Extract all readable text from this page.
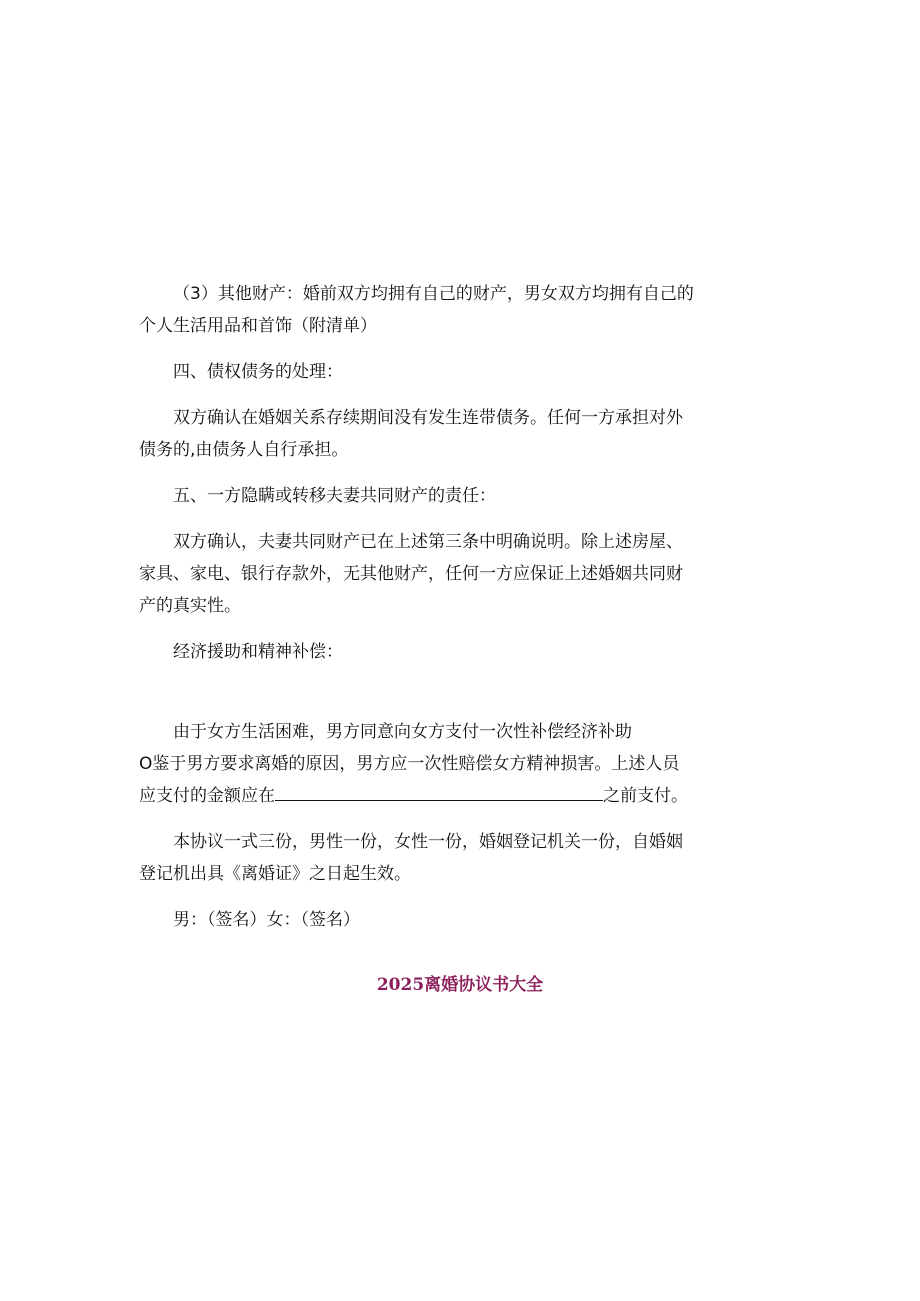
（3）其他财产：婚前双方均拥有自己的财产，男女双方均拥有自己的个人生活用品和首饰（附清单）

四、债权债务的处理：

双方确认在婚姻关系存续期间没有发生连带债务。任何一方承担对外债务的,由债务人自行承担。

五、一方隐瞒或转移夫妻共同财产的责任：

双方确认，夫妻共同财产已在上述第三条中明确说明。除上述房屋、家具、家电、银行存款外，无其他财产，任何一方应保证上述婚姻共同财产的真实性。

经济援助和精神补偿：

由于女方生活困难，男方同意向女方支付一次性补偿经济补助
O鉴于男方要求离婚的原因，男方应一次性赔偿女方精神损害。上述人员
应支付的金额应在	之前支付。

本协议一式三份，男性一份，女性一份，婚姻登记机关一份，自婚姻登记机出具《离婚证》之日起生效。

男：（签名）女：（签名）

2025离婚协议书大全
